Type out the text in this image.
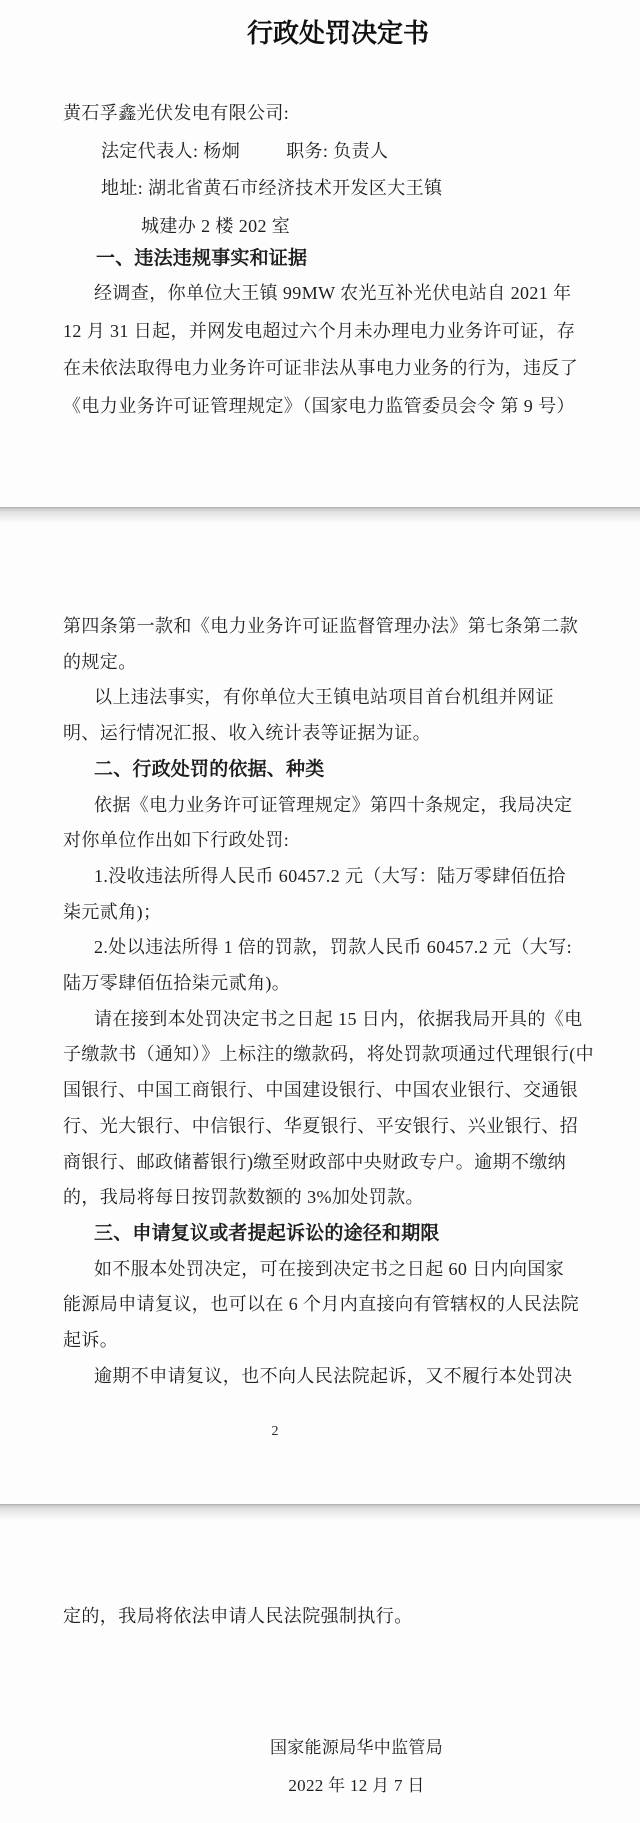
行政处罚决定书
黄石孚鑫光伏发电有限公司:
法定代表人: 杨炯	职务: 负责人
地址: 湖北省黄石市经济技术开发区大王镇
城建办 2 楼 202 室
一、违法违规事实和证据
经调查，你单位大王镇 99MW 农光互补光伏电站自 2021 年
12 月 31 日起，并网发电超过六个月未办理电力业务许可证，存
在未依法取得电力业务许可证非法从事电力业务的行为，违反了
《电力业务许可证管理规定》（国家电力监管委员会令 第 9 号）
第四条第一款和《电力业务许可证监督管理办法》第七条第二款
的规定。
以上违法事实，有你单位大王镇电站项目首台机组并网证
明、运行情况汇报、收入统计表等证据为证。
二、行政处罚的依据、种类
依据《电力业务许可证管理规定》第四十条规定，我局决定
对你单位作出如下行政处罚:
1.没收违法所得人民币 60457.2 元（大写：陆万零肆佰伍拾
柒元贰角)；
2.处以违法所得 1 倍的罚款，罚款人民币 60457.2 元（大写:
陆万零肆佰伍拾柒元贰角)。
请在接到本处罚决定书之日起 15 日内，依据我局开具的《电
子缴款书（通知）》上标注的缴款码，将处罚款项通过代理银行(中
国银行、中国工商银行、中国建设银行、中国农业银行、交通银
行、光大银行、中信银行、华夏银行、平安银行、兴业银行、招
商银行、邮政储蓄银行)缴至财政部中央财政专户。逾期不缴纳
的，我局将每日按罚款数额的 3%加处罚款。
三、申请复议或者提起诉讼的途径和期限
如不服本处罚决定，可在接到决定书之日起 60 日内向国家
能源局申请复议，也可以在 6 个月内直接向有管辖权的人民法院
起诉。
逾期不申请复议，也不向人民法院起诉，又不履行本处罚决
2
定的，我局将依法申请人民法院强制执行。
国家能源局华中监管局
2022 年 12 月 7 日
